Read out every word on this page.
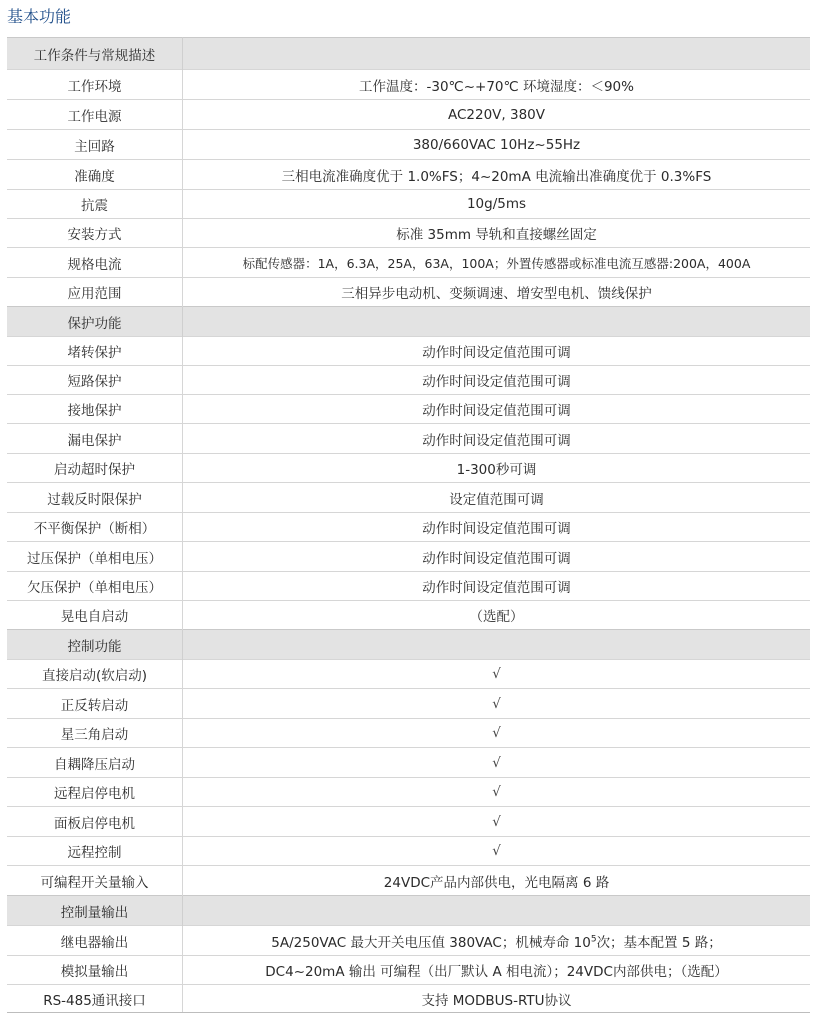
基本功能
工作条件与常规描述	
工作环境	工作温度：-30℃~+70℃ 环境湿度：＜90%
工作电源	AC220V, 380V
主回路	380/660VAC 10Hz~55Hz
准确度	三相电流准确度优于 1.0%FS；4~20mA 电流输出准确度优于 0.3%FS
抗震	10g/5ms
安装方式	标准 35mm 导轨和直接螺丝固定
规格电流	标配传感器：1A，6.3A，25A，63A，100A；外置传感器或标准电流互感器:200A，400A
应用范围	三相异步电动机、变频调速、增安型电机、馈线保护
保护功能	
堵转保护	动作时间设定值范围可调
短路保护	动作时间设定值范围可调
接地保护	动作时间设定值范围可调
漏电保护	动作时间设定值范围可调
启动超时保护	1-300秒可调
过载反时限保护	设定值范围可调
不平衡保护（断相）	动作时间设定值范围可调
过压保护（单相电压）	动作时间设定值范围可调
欠压保护（单相电压）	动作时间设定值范围可调
晃电自启动	（选配）
控制功能	
直接启动(软启动)	√
正反转启动	√
星三角启动	√
自耦降压启动	√
远程启停电机	√
面板启停电机	√
远程控制	√
可编程开关量输入	24VDC产品内部供电，光电隔离 6 路
控制量输出	
继电器输出	5A/250VAC 最大开关电压值 380VAC；机械寿命 $10^5$次；基本配置 5 路；
模拟量输出	DC4~20mA 输出 可编程（出厂默认 A 相电流）；24VDC内部供电；（选配）
RS-485通讯接口	支持 MODBUS-RTU协议
